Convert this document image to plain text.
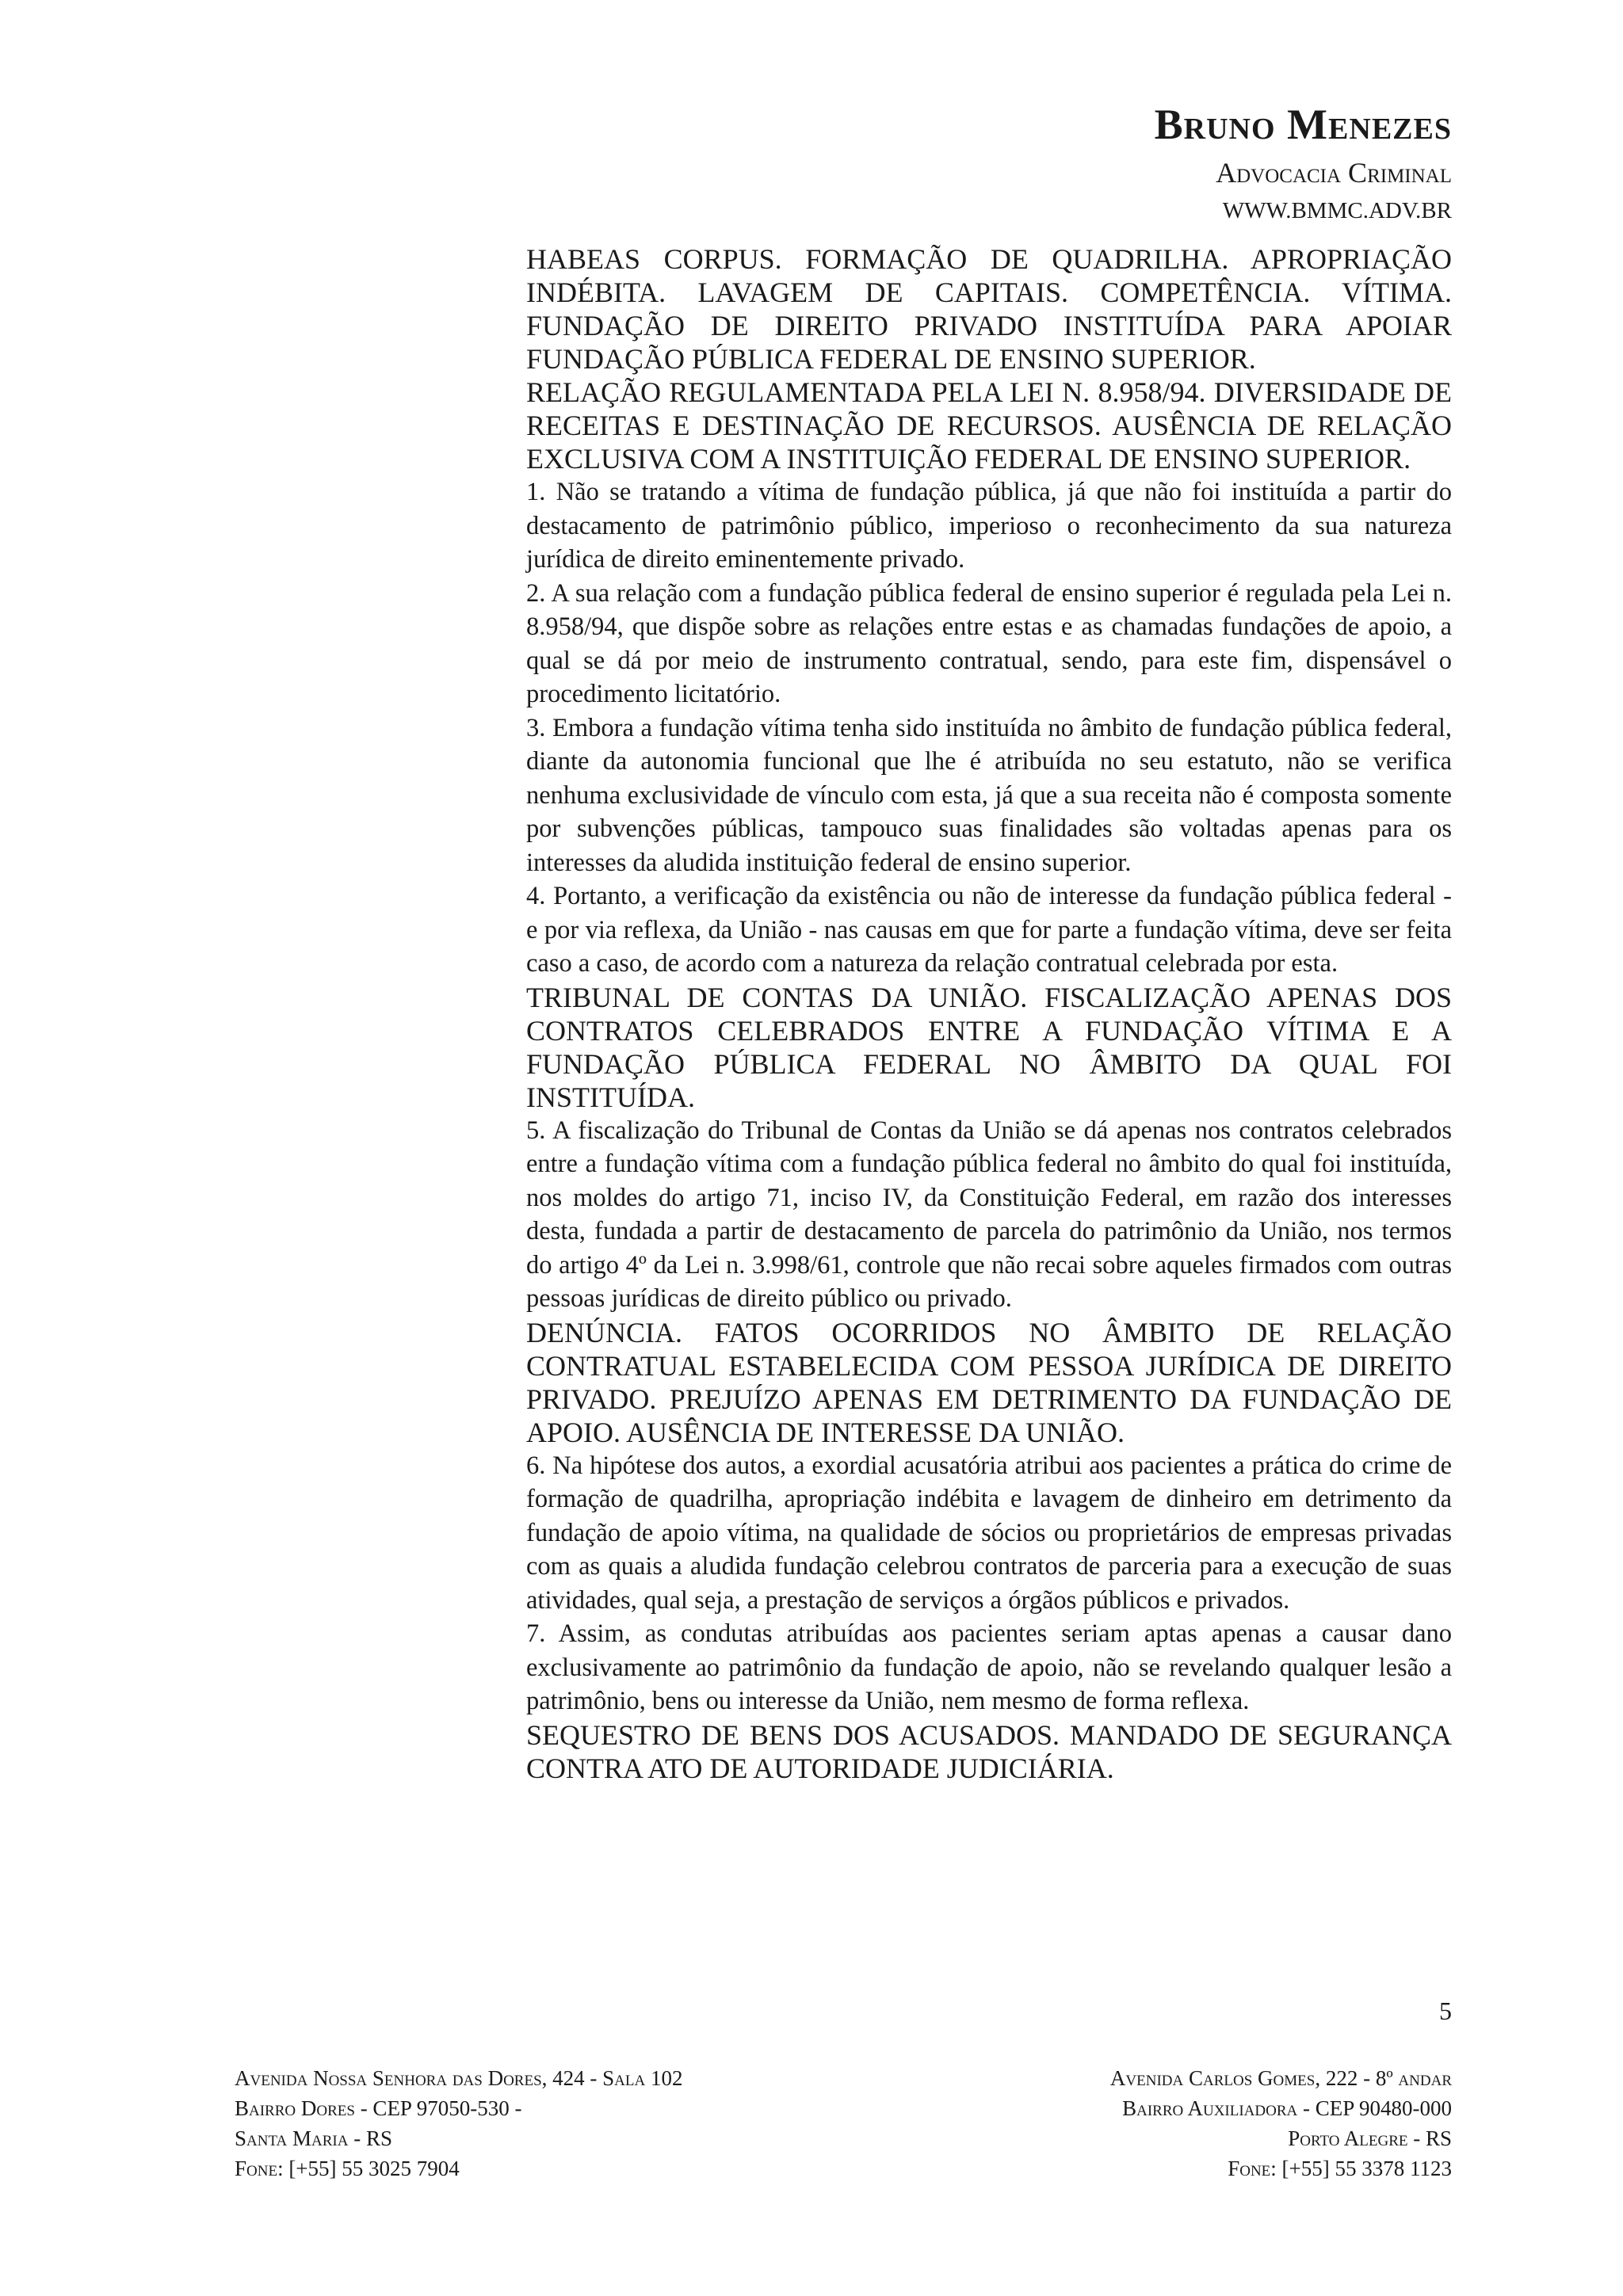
Bruno Menezes
Advocacia Criminal
WWW.BMMC.ADV.BR

HABEAS CORPUS. FORMAÇÃO DE QUADRILHA. APROPRIAÇÃO INDÉBITA. LAVAGEM DE CAPITAIS. COMPETÊNCIA. VÍTIMA. FUNDAÇÃO DE DIREITO PRIVADO INSTITUÍDA PARA APOIAR FUNDAÇÃO PÚBLICA FEDERAL DE ENSINO SUPERIOR.

RELAÇÃO REGULAMENTADA PELA LEI N. 8.958/94. DIVERSIDADE DE RECEITAS E DESTINAÇÃO DE RECURSOS. AUSÊNCIA DE RELAÇÃO EXCLUSIVA COM A INSTITUIÇÃO FEDERAL DE ENSINO SUPERIOR.

1. Não se tratando a vítima de fundação pública, já que não foi instituída a partir do destacamento de patrimônio público, imperioso o reconhecimento da sua natureza jurídica de direito eminentemente privado.

2. A sua relação com a fundação pública federal de ensino superior é regulada pela Lei n. 8.958/94, que dispõe sobre as relações entre estas e as chamadas fundações de apoio, a qual se dá por meio de instrumento contratual, sendo, para este fim, dispensável o procedimento licitatório.

3. Embora a fundação vítima tenha sido instituída no âmbito de fundação pública federal, diante da autonomia funcional que lhe é atribuída no seu estatuto, não se verifica nenhuma exclusividade de vínculo com esta, já que a sua receita não é composta somente por subvenções públicas, tampouco suas finalidades são voltadas apenas para os interesses da aludida instituição federal de ensino superior.

4. Portanto, a verificação da existência ou não de interesse da fundação pública federal - e por via reflexa, da União - nas causas em que for parte a fundação vítima, deve ser feita caso a caso, de acordo com a natureza da relação contratual celebrada por esta.

TRIBUNAL DE CONTAS DA UNIÃO. FISCALIZAÇÃO APENAS DOS CONTRATOS CELEBRADOS ENTRE A FUNDAÇÃO VÍTIMA E A FUNDAÇÃO PÚBLICA FEDERAL NO ÂMBITO DA QUAL FOI INSTITUÍDA.

5. A fiscalização do Tribunal de Contas da União se dá apenas nos contratos celebrados entre a fundação vítima com a fundação pública federal no âmbito do qual foi instituída, nos moldes do artigo 71, inciso IV, da Constituição Federal, em razão dos interesses desta, fundada a partir de destacamento de parcela do patrimônio da União, nos termos do artigo 4º da Lei n. 3.998/61, controle que não recai sobre aqueles firmados com outras pessoas jurídicas de direito público ou privado.

DENÚNCIA. FATOS OCORRIDOS NO ÂMBITO DE RELAÇÃO CONTRATUAL ESTABELECIDA COM PESSOA JURÍDICA DE DIREITO PRIVADO. PREJUÍZO APENAS EM DETRIMENTO DA FUNDAÇÃO DE APOIO. AUSÊNCIA DE INTERESSE DA UNIÃO.

6. Na hipótese dos autos, a exordial acusatória atribui aos pacientes a prática do crime de formação de quadrilha, apropriação indébita e lavagem de dinheiro em detrimento da fundação de apoio vítima, na qualidade de sócios ou proprietários de empresas privadas com as quais a aludida fundação celebrou contratos de parceria para a execução de suas atividades, qual seja, a prestação de serviços a órgãos públicos e privados.

7. Assim, as condutas atribuídas aos pacientes seriam aptas apenas a causar dano exclusivamente ao patrimônio da fundação de apoio, não se revelando qualquer lesão a patrimônio, bens ou interesse da União, nem mesmo de forma reflexa.

SEQUESTRO DE BENS DOS ACUSADOS. MANDADO DE SEGURANÇA CONTRA ATO DE AUTORIDADE JUDICIÁRIA.

5
Avenida Nossa Senhora das Dores, 424 - Sala 102
Bairro Dores - CEP 97050-530 -
Santa Maria - RS
Fone: [+55] 55 3025 7904
Avenida Carlos Gomes, 222 - 8º andar
Bairro Auxiliadora - CEP 90480-000
Porto Alegre - RS
Fone: [+55] 55 3378 1123
